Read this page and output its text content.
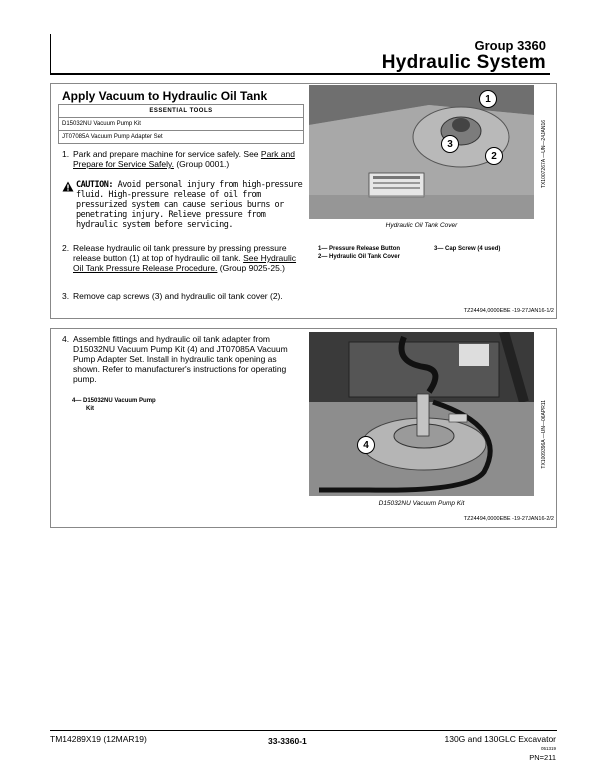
Group 3360
Hydraulic System
Apply Vacuum to Hydraulic Oil Tank
ESSENTIAL TOOLS
D15032NU Vacuum Pump Kit
JT07085A Vacuum Pump Adapter Set
1. Park and prepare machine for service safely. See Park and Prepare for Service Safely. (Group 0001.)
CAUTION: Avoid personal injury from high-pressure fluid. High-pressure release of oil from pressurized system can cause serious burns or penetrating injury. Relieve pressure from hydraulic system before servicing.
2. Release hydraulic oil tank pressure by pressing pressure release button (1) at top of hydraulic oil tank. See Hydraulic Oil Tank Pressure Release Procedure. (Group 9025-25.)
3. Remove cap screws (3) and hydraulic oil tank cover (2).
1
2
3	TX1007267A —UN—24JAN16
Hydraulic Oil Tank Cover
1— Pressure Release Button
2— Hydraulic Oil Tank Cover
3— Cap Screw (4 used)
TZ24494,0000EBE -19-27JAN16-1/2
4. Assemble fittings and hydraulic oil tank adapter from D15032NU Vacuum Pump Kit (4) and JT07085A Vacuum Pump Adapter Set. Install in hydraulic tank opening as shown. Refer to manufacturer's instructions for operating pump.
4— D15032NU Vacuum Pump
Kit
4	TX1009396A —UN—06APR11
D15032NU Vacuum Pump Kit
TZ24494,0000EBE -19-27JAN16-2/2
TM14289X19 (12MAR19)	33-3360-1	130G and 130GLC Excavator
051319
PN=211
